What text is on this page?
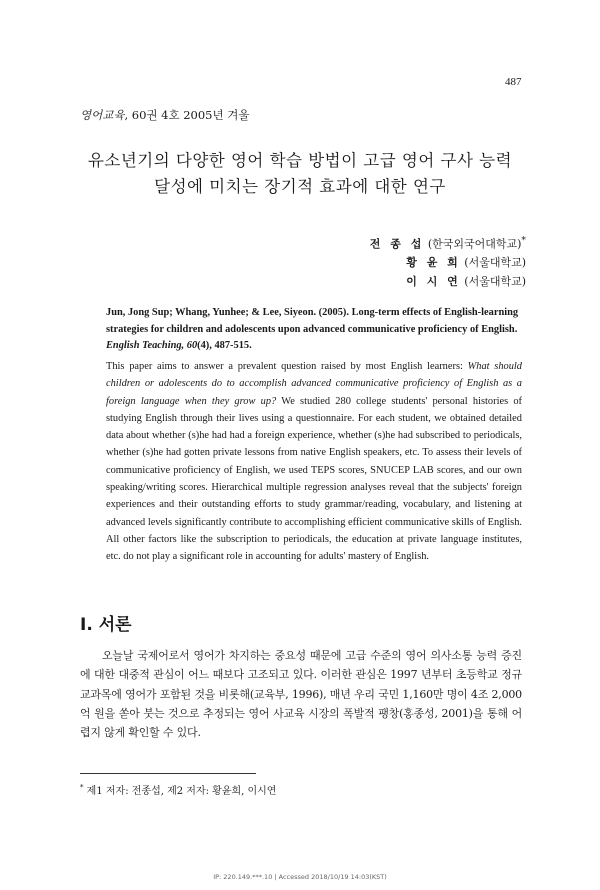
487
영어교육, 60권 4호 2005년 겨울
유소년기의 다양한 영어 학습 방법이 고급 영어 구사 능력
달성에 미치는 장기적 효과에 대한 연구
전 종 섭 (한국외국어대학교)*
황 윤 희 (서울대학교)
이 시 연 (서울대학교)
Jun, Jong Sup; Whang, Yunhee; & Lee, Siyeon. (2005). Long-term effects of English-learning strategies for children and adolescents upon advanced communicative proficiency of English. English Teaching, 60(4), 487-515.
This paper aims to answer a prevalent question raised by most English learners: What should children or adolescents do to accomplish advanced communicative proficiency of English as a foreign language when they grow up? We studied 280 college students' personal histories of studying English through their lives using a questionnaire. For each student, we obtained detailed data about whether (s)he had had a foreign experience, whether (s)he had subscribed to periodicals, whether (s)he had gotten private lessons from native English speakers, etc. To assess their levels of communicative proficiency of English, we used TEPS scores, SNUCEP LAB scores, and our own speaking/writing scores. Hierarchical multiple regression analyses reveal that the subjects' foreign experiences and their outstanding efforts to study grammar/reading, vocabulary, and listening at advanced levels significantly contribute to accomplishing efficient communicative skills of English. All other factors like the subscription to periodicals, the education at private language institutes, etc. do not play a significant role in accounting for adults' mastery of English.
I. 서론
오늘날 국제어로서 영어가 차지하는 중요성 때문에 고급 수준의 영어 의사소통 능력 증진에 대한 대중적 관심이 어느 때보다 고조되고 있다. 이러한 관심은 1997 년부터 초등학교 정규 교과목에 영어가 포함된 것을 비롯해(교육부, 1996), 매년 우리 국민 1,160만 명이 4조 2,000억 원을 쏟아 붓는 것으로 추정되는 영어 사교육 시장의 폭발적 팽창(홍종성, 2001)을 통해 어렵지 않게 확인할 수 있다.
* 제1 저자: 전종섭, 제2 저자: 황윤희, 이시연
IP: 220.149.***.10 | Accessed 2018/10/19 14:03(KST)
